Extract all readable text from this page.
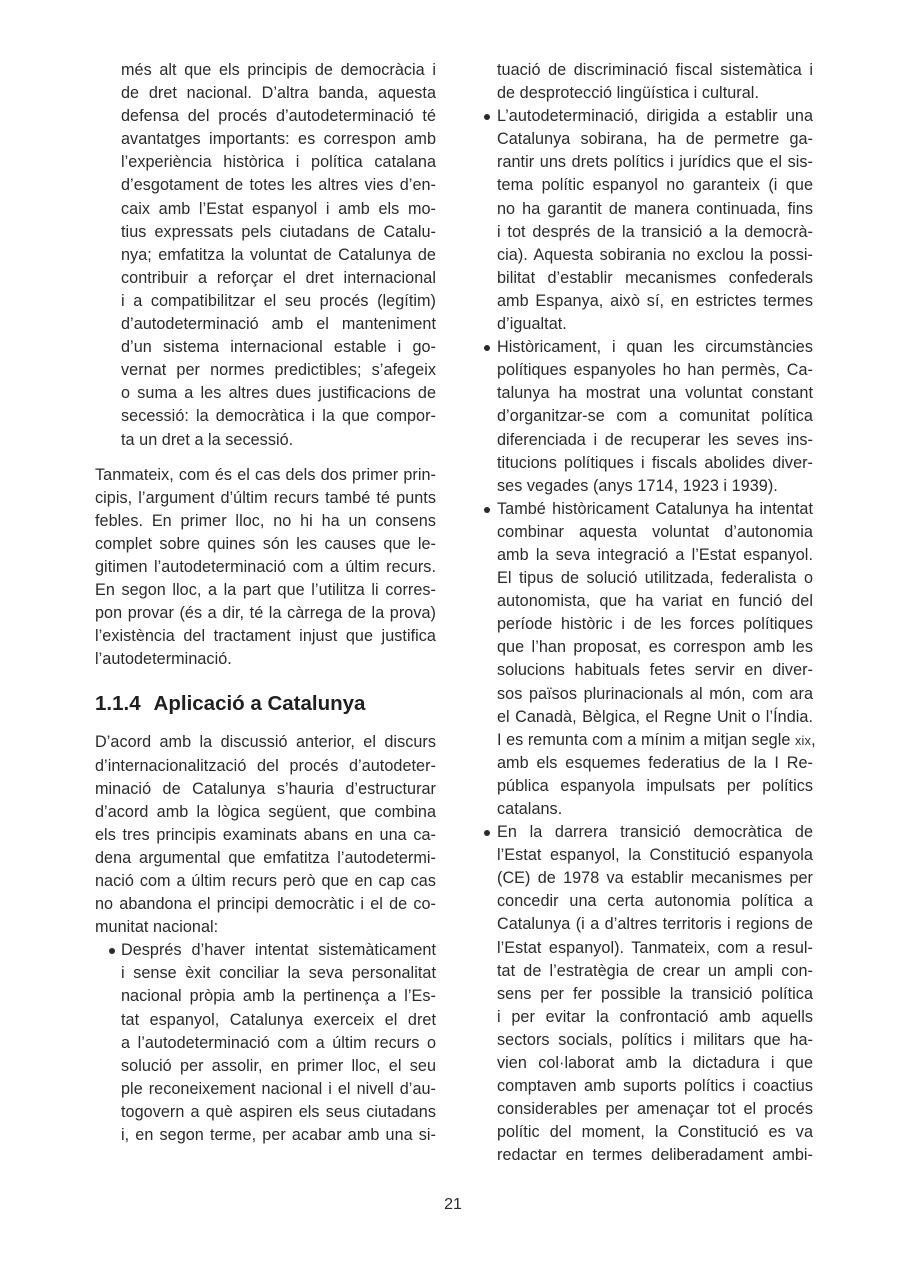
més alt que els principis de democràcia i
de dret nacional. D’altra banda, aquesta
defensa del procés d’autodeterminació té
avantatges importants: es correspon amb
l’experiència històrica i política catalana
d’esgotament de totes les altres vies d’en-
caix amb l’Estat espanyol i amb els mo-
tius expressats pels ciutadans de Catalu-
nya; emfatitza la voluntat de Catalunya de
contribuir a reforçar el dret internacional
i a compatibilitzar el seu procés (legítim)
d’autodeterminació amb el manteniment
d’un sistema internacional estable i go-
vernat per normes predictibles; s’afegeix
o suma a les altres dues justificacions de
secessió: la democràtica i la que compor-
ta un dret a la secessió.
Tanmateix, com és el cas dels dos primer prin-
cipis, l’argument d’últim recurs també té punts
febles. En primer lloc, no hi ha un consens
complet sobre quines són les causes que le-
gitimen l’autodeterminació com a últim recurs.
En segon lloc, a la part que l’utilitza li corres-
pon provar (és a dir, té la càrrega de la prova)
l’existència del tractament injust que justifica
l’autodeterminació.
1.1.4 Aplicació a Catalunya
D’acord amb la discussió anterior, el discurs
d’internacionalització del procés d’autodeter-
minació de Catalunya s’hauria d’estructurar
d’acord amb la lògica següent, que combina
els tres principis examinats abans en una ca-
dena argumental que emfatitza l’autodetermi-
nació com a últim recurs però que en cap cas
no abandona el principi democràtic i el de co-
munitat nacional:
Després d’haver intentat sistemàticament
i sense èxit conciliar la seva personalitat
nacional pròpia amb la pertinença a l’Es-
tat espanyol, Catalunya exerceix el dret
a l’autodeterminació com a últim recurs o
solució per assolir, en primer lloc, el seu
ple reconeixement nacional i el nivell d’au-
togovern a què aspiren els seus ciutadans
i, en segon terme, per acabar amb una si-
tuació de discriminació fiscal sistemàtica i
de desprotecció lingüística i cultural.
L’autodeterminació, dirigida a establir una
Catalunya sobirana, ha de permetre ga-
rantir uns drets polítics i jurídics que el sis-
tema polític espanyol no garanteix (i que
no ha garantit de manera continuada, fins
i tot després de la transició a la democrà-
cia). Aquesta sobirania no exclou la possi-
bilitat d’establir mecanismes confederals
amb Espanya, això sí, en estrictes termes
d’igualtat.
Històricament, i quan les circumstàncies
polítiques espanyoles ho han permès, Ca-
talunya ha mostrat una voluntat constant
d’organitzar-se com a comunitat política
diferenciada i de recuperar les seves ins-
titucions polítiques i fiscals abolides diver-
ses vegades (anys 1714, 1923 i 1939).
També històricament Catalunya ha intentat
combinar aquesta voluntat d’autonomia
amb la seva integració a l’Estat espanyol.
El tipus de solució utilitzada, federalista o
autonomista, que ha variat en funció del
període històric i de les forces polítiques
que l’han proposat, es correspon amb les
solucions habituals fetes servir en diver-
sos països plurinacionals al món, com ara
el Canadà, Bèlgica, el Regne Unit o l’Índia.
I es remunta com a mínim a mitjan segle xix,
amb els esquemes federatius de la I Re-
pública espanyola impulsats per polítics
catalans.
En la darrera transició democràtica de
l’Estat espanyol, la Constitució espanyola
(CE) de 1978 va establir mecanismes per
concedir una certa autonomia política a
Catalunya (i a d’altres territoris i regions de
l’Estat espanyol). Tanmateix, com a resul-
tat de l’estratègia de crear un ampli con-
sens per fer possible la transició política
i per evitar la confrontació amb aquells
sectors socials, polítics i militars que ha-
vien col·laborat amb la dictadura i que
comptaven amb suports polítics i coactius
considerables per amenaçar tot el procés
polític del moment, la Constitució es va
redactar en termes deliberadament ambi-
21
